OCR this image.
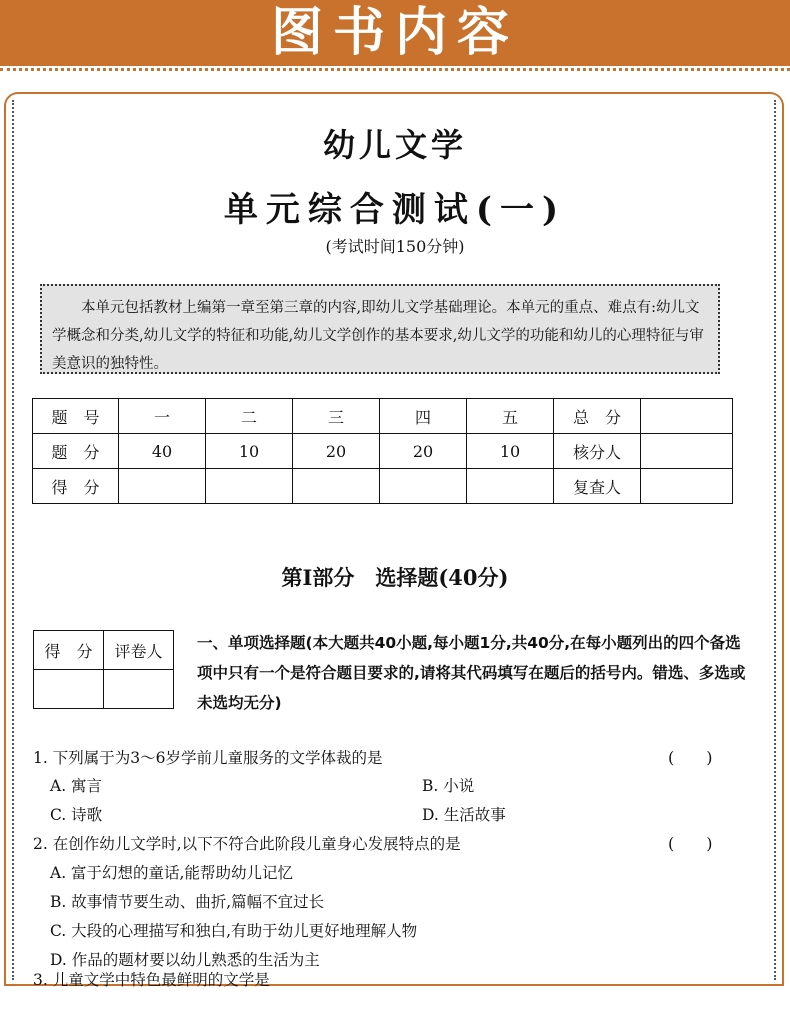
图书内容
幼儿文学
单元综合测试(一)
(考试时间150分钟)

本单元包括教材上编第一章至第三章的内容,即幼儿文学基础理论。本单元的重点、难点有:幼儿文学概念和分类,幼儿文学的特征和功能,幼儿文学创作的基本要求,幼儿文学的功能和幼儿的心理特征与审美意识的独特性。

题　号	一	二	三	四	五	总　分	
题　分	40	10	20	20	10	核分人	
得　分						复查人	
第Ⅰ部分　选择题(40分)
得　分	评卷人
	一、单项选择题(本大题共40小题,每小题1分,共40分,在每小题列出的四个备选项中只有一个是符合题目要求的,请将其代码填写在题后的括号内。错选、多选或未选均无分)
1. 下列属于为3～6岁学前儿童服务的文学体裁的是	(　　)
A. 寓言	B. 小说
C. 诗歌	D. 生活故事
2. 在创作幼儿文学时,以下不符合此阶段儿童身心发展特点的是	(　　)
A. 富于幻想的童话,能帮助幼儿记忆
B. 故事情节要生动、曲折,篇幅不宜过长
C. 大段的心理描写和独白,有助于幼儿更好地理解人物
D. 作品的题材要以幼儿熟悉的生活为主
3. 儿童文学中特色最鲜明的文学是
